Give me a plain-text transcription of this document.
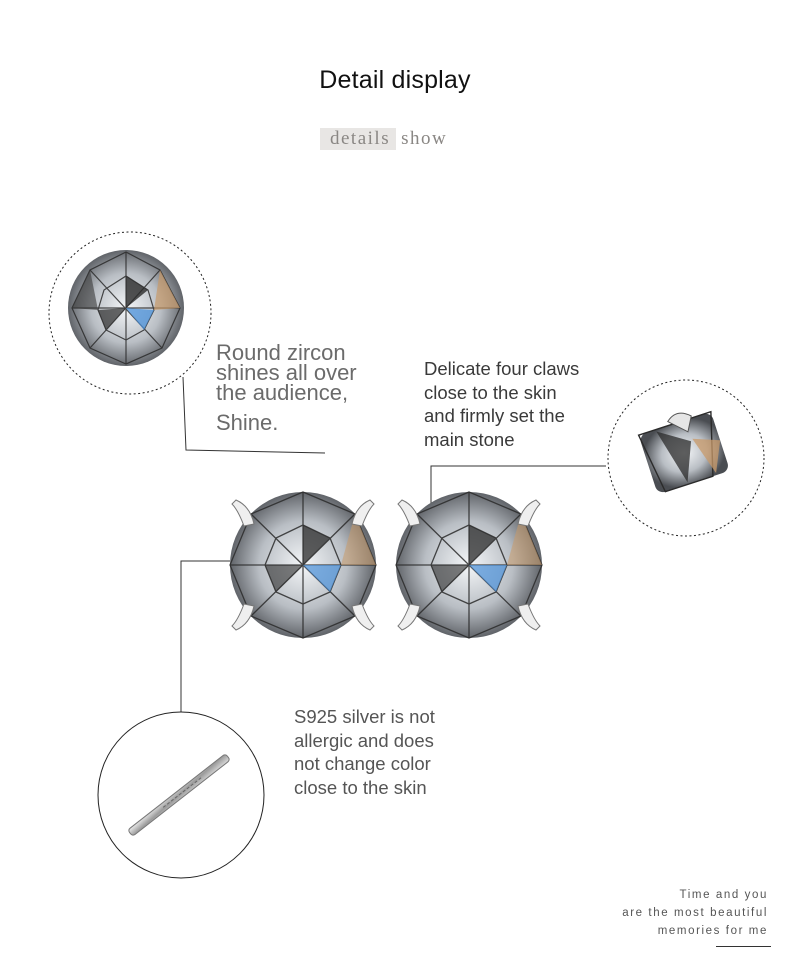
Detail display
details show
Round zircon
shines all over
the audience,
Shine.
Delicate four claws
close to the skin
and firmly set the
main stone
S925 silver is not
allergic and does
not change color
close to the skin
Time and you
are the most beautiful
memories for me
